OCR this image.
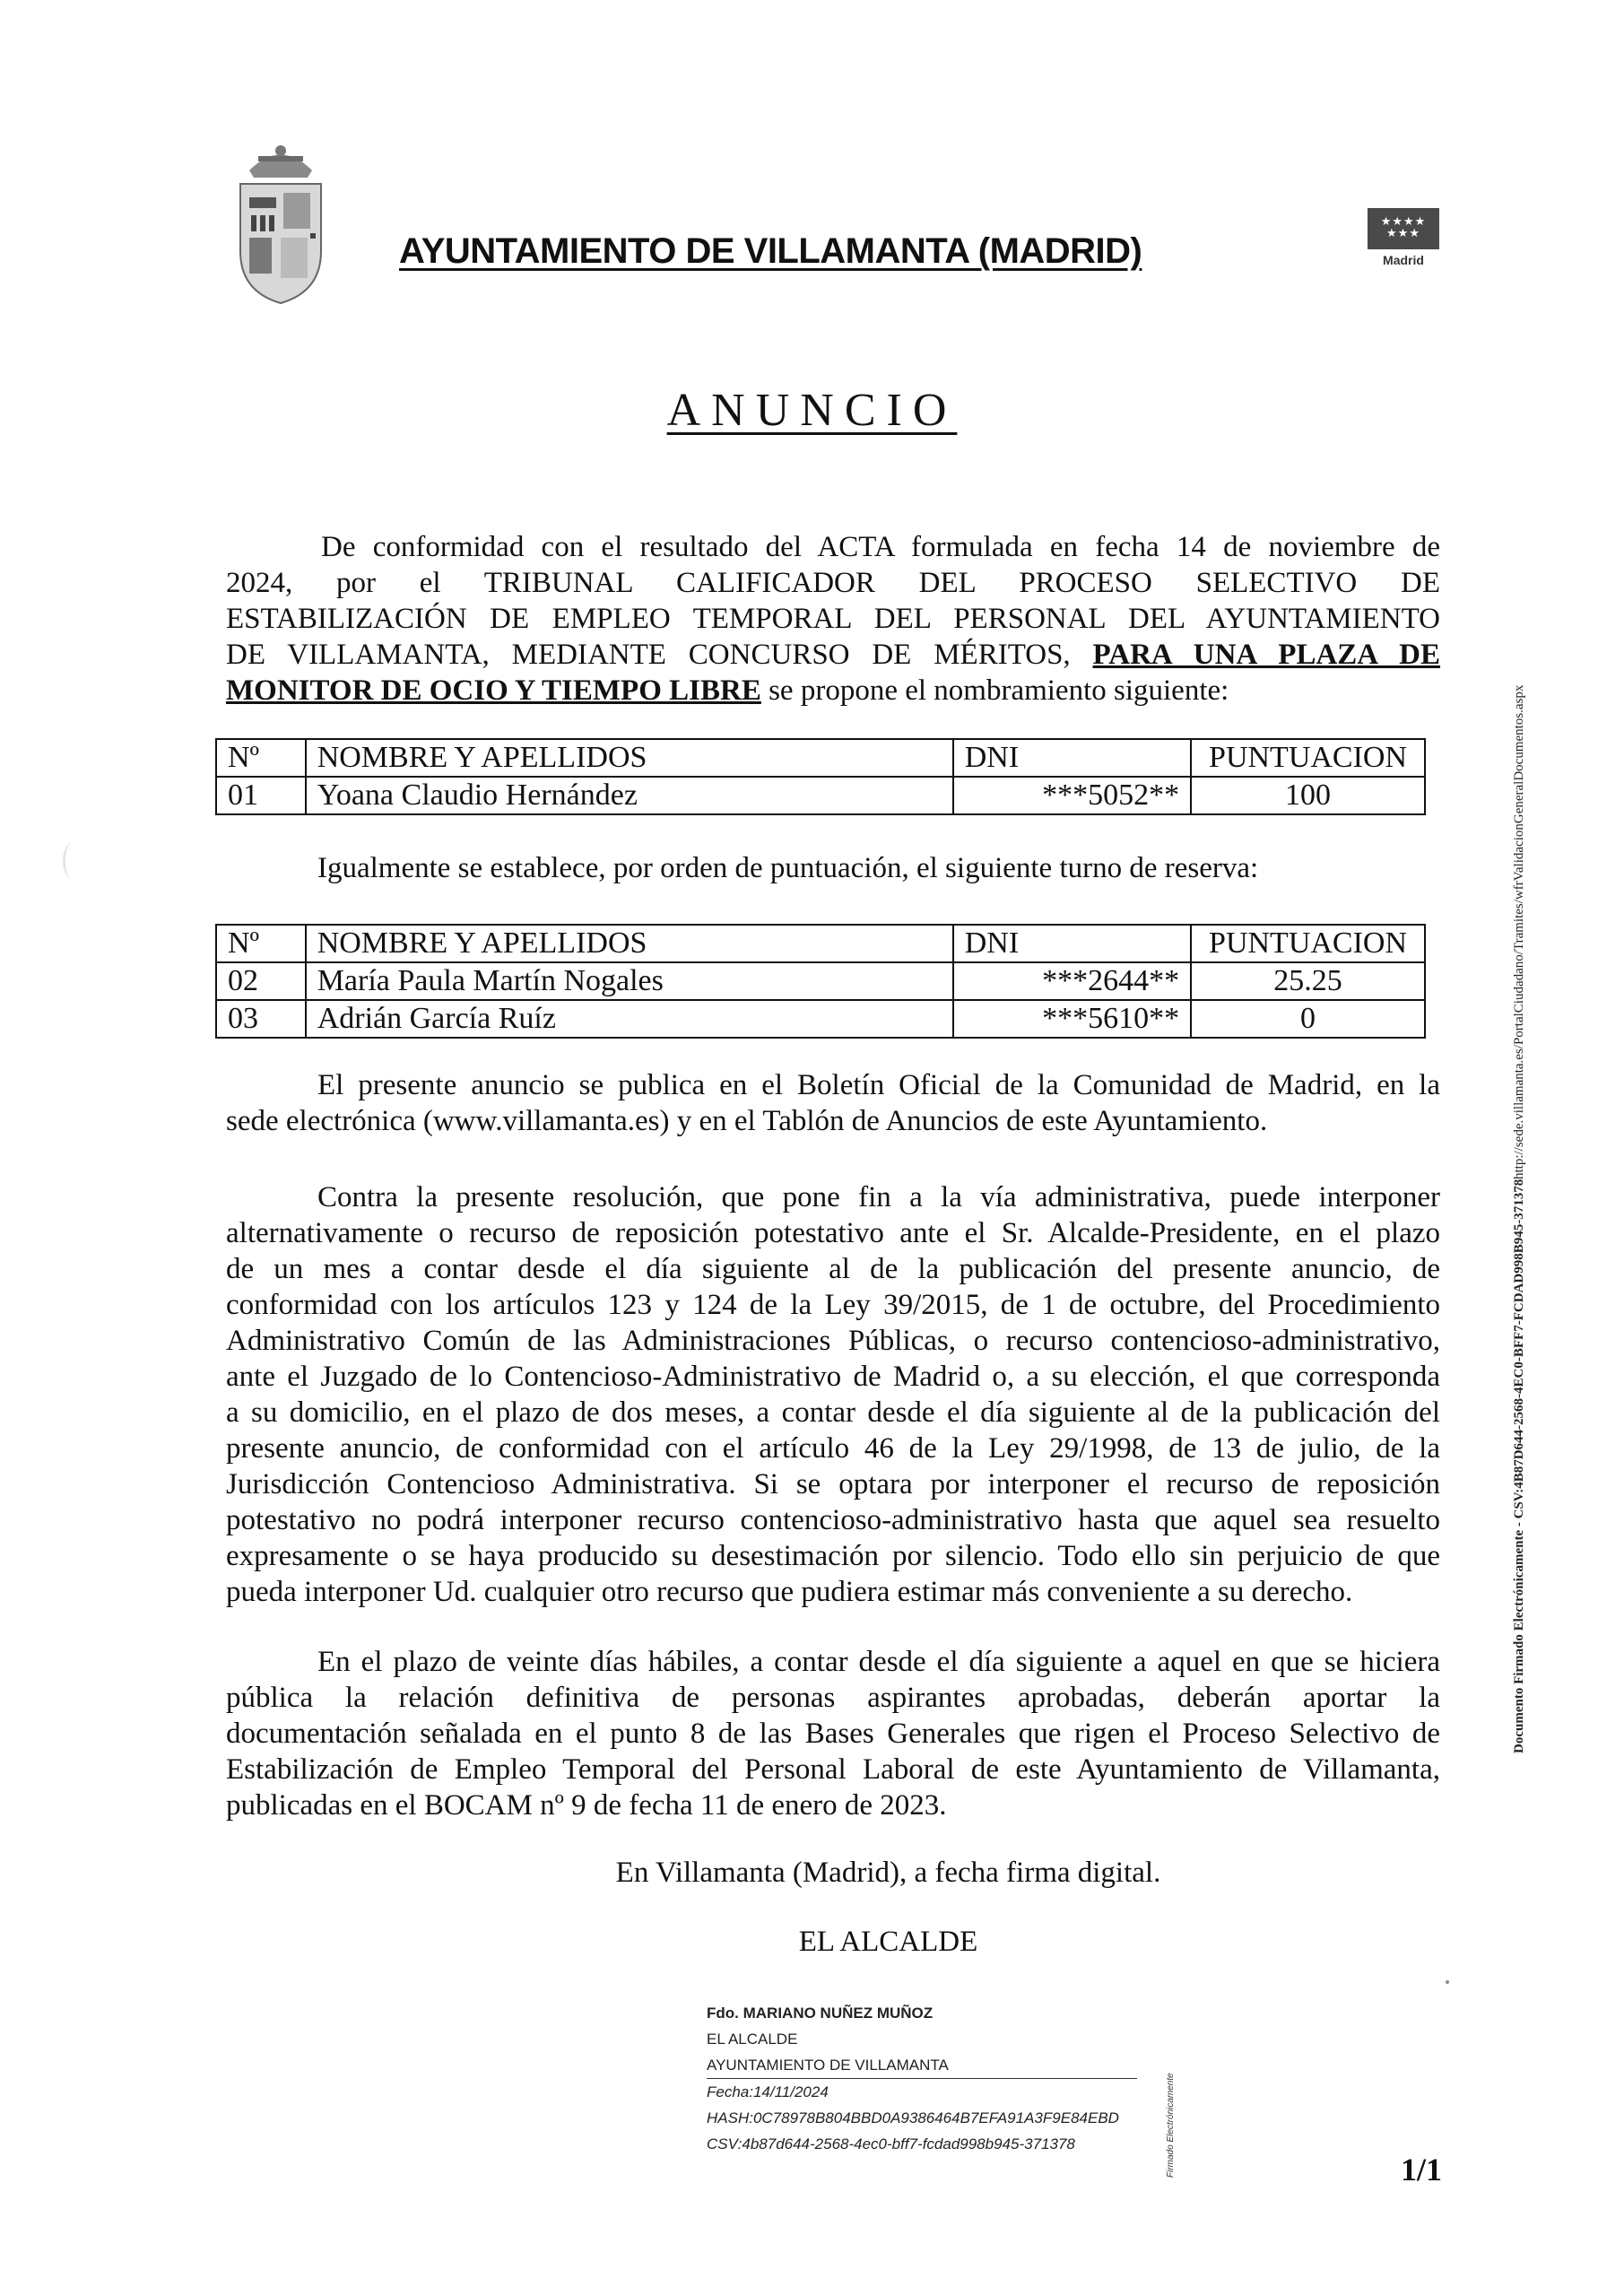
AYUNTAMIENTO DE VILLAMANTA (MADRID)
★★★★
★★★
Madrid
ANUNCIO
De conformidad con el resultado del ACTA formulada en fecha 14 de noviembre de
2024, por el TRIBUNAL CALIFICADOR DEL PROCESO SELECTIVO DE
ESTABILIZACIÓN DE EMPLEO TEMPORAL DEL PERSONAL DEL AYUNTAMIENTO
DE VILLAMANTA, MEDIANTE CONCURSO DE MÉRITOS, PARA UNA PLAZA DE
MONITOR DE OCIO Y TIEMPO LIBRE se propone el nombramiento siguiente:
Nº	NOMBRE Y APELLIDOS	DNI	PUNTUACION
01	Yoana Claudio Hernández	***5052**	100
Igualmente se establece, por orden de puntuación, el siguiente turno de reserva:
Nº	NOMBRE Y APELLIDOS	DNI	PUNTUACION
02	María Paula Martín Nogales	***2644**	25.25
03	Adrián García Ruíz	***5610**	0
El presente anuncio se publica en el Boletín Oficial de la Comunidad de Madrid, en la
sede electrónica (www.villamanta.es) y en el Tablón de Anuncios de este Ayuntamiento.
Contra la presente resolución, que pone fin a la vía administrativa, puede interponer
alternativamente o recurso de reposición potestativo ante el Sr. Alcalde-Presidente, en el plazo
de un mes a contar desde el día siguiente al de la publicación del presente anuncio, de
conformidad con los artículos 123 y 124 de la Ley 39/2015, de 1 de octubre, del Procedimiento
Administrativo Común de las Administraciones Públicas, o recurso contencioso-administrativo,
ante el Juzgado de lo Contencioso-Administrativo de Madrid o, a su elección, el que corresponda
a su domicilio, en el plazo de dos meses, a contar desde el día siguiente al de la publicación del
presente anuncio, de conformidad con el artículo 46 de la Ley 29/1998, de 13 de julio, de la
Jurisdicción Contencioso Administrativa. Si se optara por interponer el recurso de reposición
potestativo no podrá interponer recurso contencioso-administrativo hasta que aquel sea resuelto
expresamente o se haya producido su desestimación por silencio. Todo ello sin perjuicio de que
pueda interponer Ud. cualquier otro recurso que pudiera estimar más conveniente a su derecho.
En el plazo de veinte días hábiles, a contar desde el día siguiente a aquel en que se hiciera
pública la relación definitiva de personas aspirantes aprobadas, deberán aportar la
documentación señalada en el punto 8 de las Bases Generales que rigen el Proceso Selectivo de
Estabilización de Empleo Temporal del Personal Laboral de este Ayuntamiento de Villamanta,
publicadas en el BOCAM nº 9 de fecha 11 de enero de 2023.
En Villamanta (Madrid), a fecha firma digital.
EL ALCALDE
Fdo. MARIANO NUÑEZ MUÑOZ
EL ALCALDE
AYUNTAMIENTO DE VILLAMANTA
Fecha:14/11/2024
HASH:0C78978B804BBD0A9386464B7EFA91A3F9E84EBD
CSV:4b87d644-2568-4ec0-bff7-fcdad998b945-371378	Firmado Electrónicamente	1/1
Documento Firmado Electrónicamente - CSV:4B87D644-2568-4EC0-BFF7-FCDAD998B945-371378
http://sede.villamanta.es/PortalCiudadano/Tramites/wfrValidacionGeneralDocumentos.aspx
